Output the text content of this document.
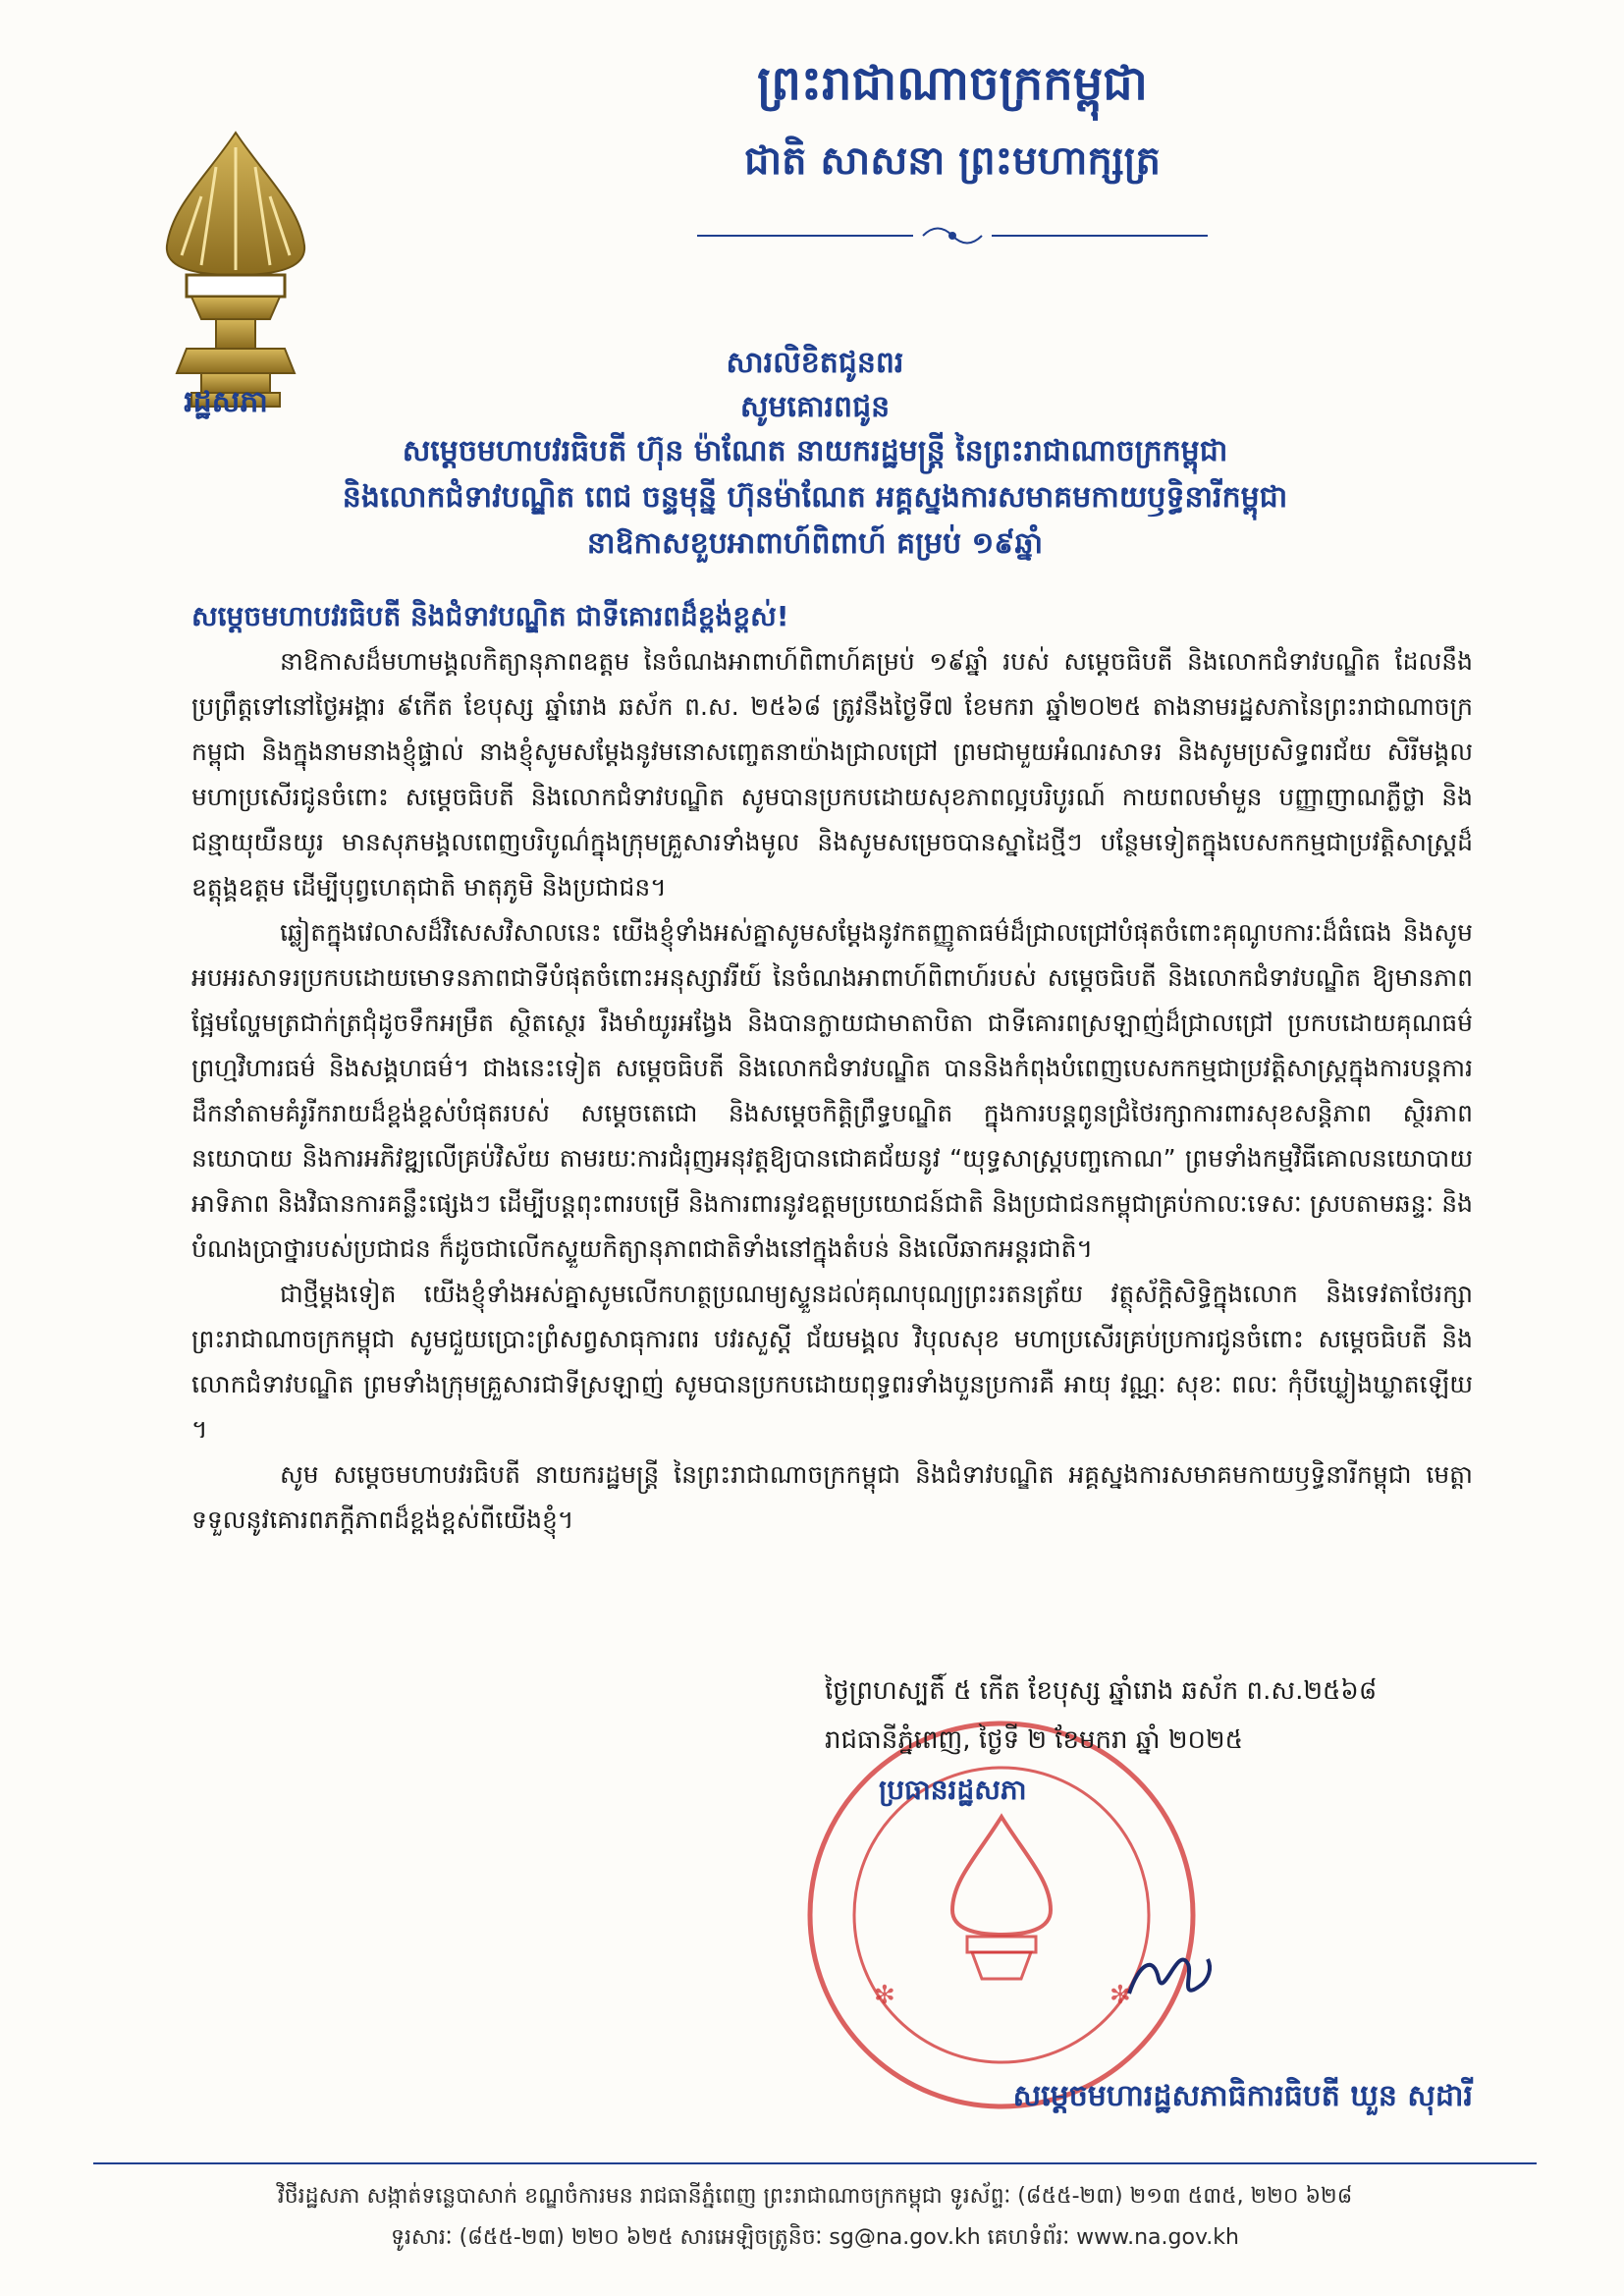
រដ្ឋសភា
ព្រះរាជាណាចក្រកម្ពុជា
ជាតិ សាសនា ព្រះមហាក្សត្រ
សារលិខិតជូនពរ
សូមគោរពជូន
សម្តេចមហាបវរធិបតី ហ៊ុន ម៉ាណែត នាយករដ្ឋមន្ត្រី នៃព្រះរាជាណាចក្រកម្ពុជា
និងលោកជំទាវបណ្ឌិត ពេជ ចន្ទមុន្នី ហ៊ុនម៉ាណែត អគ្គស្នងការសមាគមកាយឫទ្ធិនារីកម្ពុជា
នាឱកាសខួបអាពាហ៍ពិពាហ៍ គម្រប់ ១៩ឆ្នាំ

សម្តេចមហាបវរធិបតី និងជំទាវបណ្ឌិត ជាទីគោរពដ៏ខ្ពង់ខ្ពស់!

នាឱកាសដ៏មហាមង្គលកិត្យានុភាពឧត្តម នៃចំណងអាពាហ៍ពិពាហ៍គម្រប់ ១៩ឆ្នាំ របស់ សម្តេចធិបតី និងលោកជំទាវបណ្ឌិត ដែលនឹងប្រព្រឹត្តទៅនៅថ្ងៃអង្គារ ៩កើត ខែបុស្ស ឆ្នាំរោង ឆស័ក ព.ស. ២៥៦៨ ត្រូវនឹងថ្ងៃទី៧ ខែមករា ឆ្នាំ២០២៥ តាងនាមរដ្ឋសភានៃព្រះរាជាណាចក្រកម្ពុជា និងក្នុងនាមនាងខ្ញុំផ្ទាល់ នាងខ្ញុំសូមសម្តែងនូវមនោសញ្ចេតនាយ៉ាងជ្រាលជ្រៅ ព្រមជាមួយអំណរសាទរ និងសូមប្រសិទ្ធពរជ័យ សិរីមង្គលមហាប្រសើរជូនចំពោះ សម្តេចធិបតី និងលោកជំទាវបណ្ឌិត សូមបានប្រកបដោយសុខភាពល្អបរិបូរណ៍ កាយពលមាំមួន បញ្ញាញាណភ្លឺថ្លា និងជន្មាយុយឺនយូរ មានសុភមង្គលពេញបរិបូណ៌ក្នុងក្រុមគ្រួសារទាំងមូល និងសូមសម្រេចបានស្នាដៃថ្មីៗ បន្ថែមទៀតក្នុងបេសកកម្មជាប្រវត្តិសាស្ត្រដ៏ឧត្តុង្គឧត្តម ដើម្បីបុព្វហេតុជាតិ មាតុភូមិ និងប្រជាជន។

ឆ្លៀតក្នុងវេលាសដ៏វិសេសវិសាលនេះ យើងខ្ញុំទាំងអស់គ្នាសូមសម្តែងនូវកតញ្ញូតាធម៌ដ៏ជ្រាលជ្រៅបំផុតចំពោះគុណូបការៈដ៏ធំធេង និងសូមអបអរសាទរប្រកបដោយមោទនភាពជាទីបំផុតចំពោះអនុស្សាវរីយ៍ នៃចំណងអាពាហ៍ពិពាហ៍របស់ សម្តេចធិបតី និងលោកជំទាវបណ្ឌិត ឱ្យមានភាពផ្អែមល្ហែមត្រជាក់ត្រជុំដូចទឹកអម្រឹត ស្ថិតស្ថេរ រឹងមាំយូរអង្វែង និងបានក្លាយជាមាតាបិតា ជាទីគោរពស្រឡាញ់ដ៏ជ្រាលជ្រៅ ប្រកបដោយគុណធម៌ ព្រហ្មវិហារធម៌ និងសង្គហធម៌។ ជាងនេះទៀត សម្តេចធិបតី និងលោកជំទាវបណ្ឌិត បាននិងកំពុងបំពេញបេសកកម្មជាប្រវត្តិសាស្ត្រក្នុងការបន្តការដឹកនាំតាមគំរូរីករាយដ៏ខ្ពង់ខ្ពស់បំផុតរបស់ សម្តេចតេជោ និងសម្តេចកិត្តិព្រឹទ្ធបណ្ឌិត ក្នុងការបន្តពូនជ្រំថៃរក្សាការពារសុខសន្តិភាព ស្ថិរភាពនយោបាយ និងការអភិវឌ្ឍលើគ្រប់វិស័យ តាមរយៈការជំរុញអនុវត្តឱ្យបានជោគជ័យនូវ “យុទ្ធសាស្ត្របញ្ចកោណ” ព្រមទាំងកម្មវិធីគោលនយោបាយអាទិភាព និងវិធានការគន្លឹះផ្សេងៗ ដើម្បីបន្តពុះពារបម្រើ និងការពារនូវឧត្តមប្រយោជន៍ជាតិ និងប្រជាជនកម្ពុជាគ្រប់កាលៈទេសៈ ស្របតាមឆន្ទៈ និងបំណងប្រាថ្នារបស់ប្រជាជន ក៏ដូចជាលើកស្ទួយកិត្យានុភាពជាតិទាំងនៅក្នុងតំបន់ និងលើឆាកអន្តរជាតិ។

ជាថ្មីម្តងទៀត យើងខ្ញុំទាំងអស់គ្នាសូមលើកហត្ថប្រណម្យស្ទួនដល់គុណបុណ្យព្រះរតនត្រ័យ វត្ថុស័ក្តិសិទ្ធិក្នុងលោក និងទេវតាថែរក្សាព្រះរាជាណាចក្រកម្ពុជា សូមជួយប្រោះព្រំសព្វសាធុការពរ បវរសួស្តី ជ័យមង្គល វិបុលសុខ មហាប្រសើរគ្រប់ប្រការជូនចំពោះ សម្តេចធិបតី និងលោកជំទាវបណ្ឌិត ព្រមទាំងក្រុមគ្រួសារជាទីស្រឡាញ់ សូមបានប្រកបដោយពុទ្ធពរទាំងបួនប្រការគឺ អាយុ វណ្ណៈ សុខៈ ពលៈ កុំបីឃ្លៀងឃ្លាតឡើយ ។

សូម សម្តេចមហាបវរធិបតី នាយករដ្ឋមន្ត្រី នៃព្រះរាជាណាចក្រកម្ពុជា និងជំទាវបណ្ឌិត អគ្គស្នងការសមាគមកាយឫទ្ធិនារីកម្ពុជា មេត្តាទទួលនូវគោរពភក្តីភាពដ៏ខ្ពង់ខ្ពស់ពីយើងខ្ញុំ។

✻	✻
ថ្ងៃព្រហស្បតិ៍ ៥ កើត ខែបុស្ស ឆ្នាំរោង ឆស័ក ព.ស.២៥៦៨
រាជធានីភ្នំពេញ, ថ្ងៃទី ២ ខែមករា ឆ្នាំ ២០២៥
ប្រធានរដ្ឋសភា
សម្តេចមហារដ្ឋសភាធិការធិបតី ឃួន សុដារី
វិថីរដ្ឋសភា សង្កាត់ទន្លេបាសាក់ ខណ្ឌចំការមន រាជធានីភ្នំពេញ ព្រះរាជាណាចក្រកម្ពុជា ទូរស័ព្ទៈ (៨៥៥-២៣) ២១៣ ៥៣៥, ២២០ ៦២៨
ទូរសារៈ (៨៥៥-២៣) ២២០ ៦២៥ សារអេឡិចត្រូនិចៈ sg@na.gov.kh គេហទំព័រៈ www.na.gov.kh
